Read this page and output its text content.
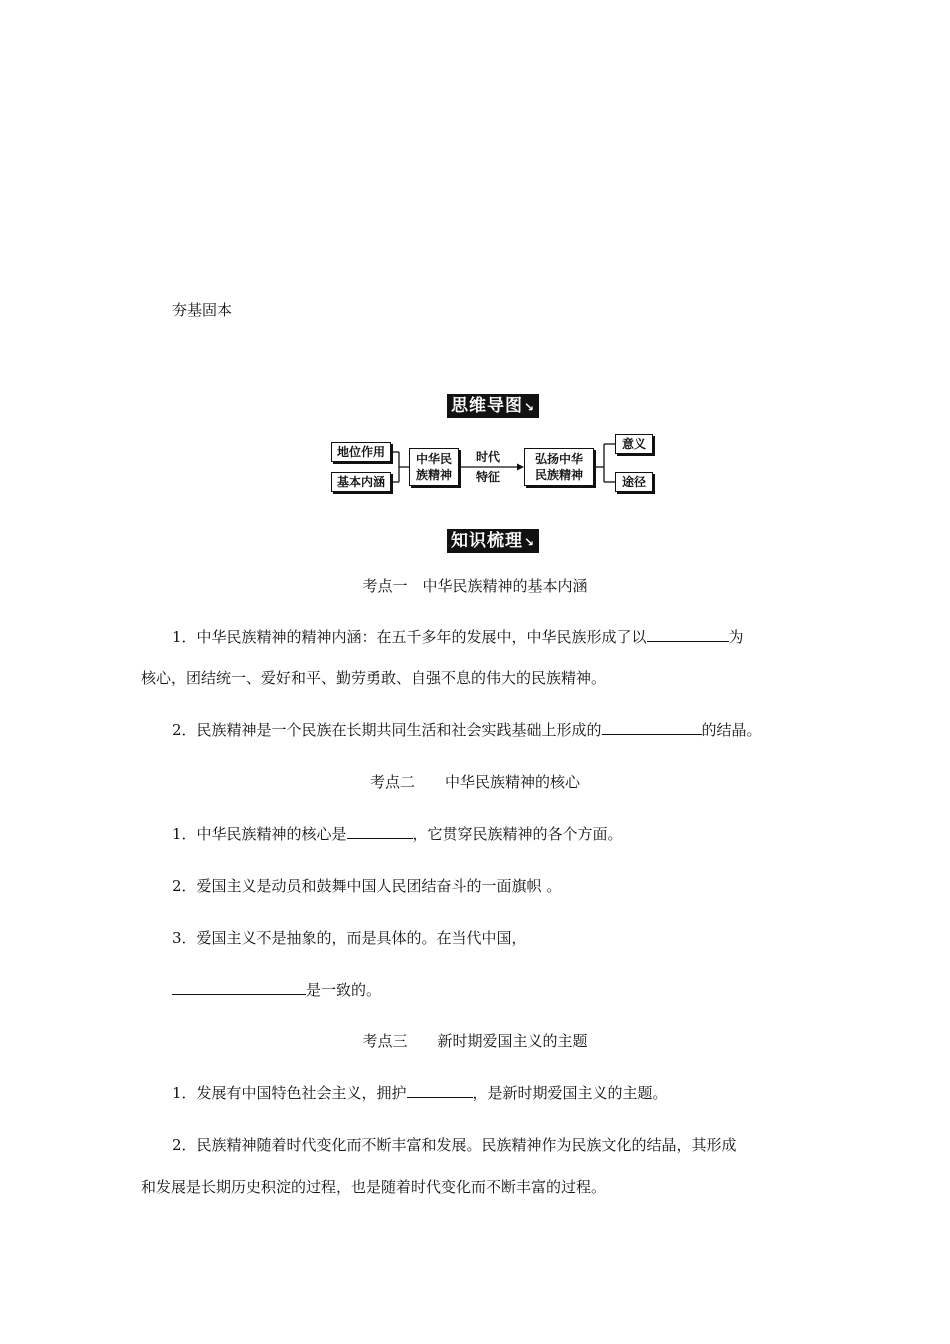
夯基固本
思维导图↘
地位作用
基本内涵
中华民
族精神
时代
特征
弘扬中华
民族精神
意义
途径
知识梳理↘
考点一　中华民族精神的基本内涵
1．中华民族精神的精神内涵：在五千多年的发展中，中华民族形成了以	为
核心，团结统一、爱好和平、勤劳勇敢、自强不息的伟大的民族精神。
2．民族精神是一个民族在长期共同生活和社会实践基础上形成的	的结晶。
考点二　　中华民族精神的核心
1．中华民族精神的核心是	，它贯穿民族精神的各个方面。
2．爱国主义是动员和鼓舞中国人民团结奋斗的一面旗帜 。
3．爱国主义不是抽象的，而是具体的。在当代中国，
是一致的。
考点三　　新时期爱国主义的主题
1．发展有中国特色社会主义，拥护	，是新时期爱国主义的主题。
2．民族精神随着时代变化而不断丰富和发展。民族精神作为民族文化的结晶，其形成
和发展是长期历史积淀的过程，也是随着时代变化而不断丰富的过程。
